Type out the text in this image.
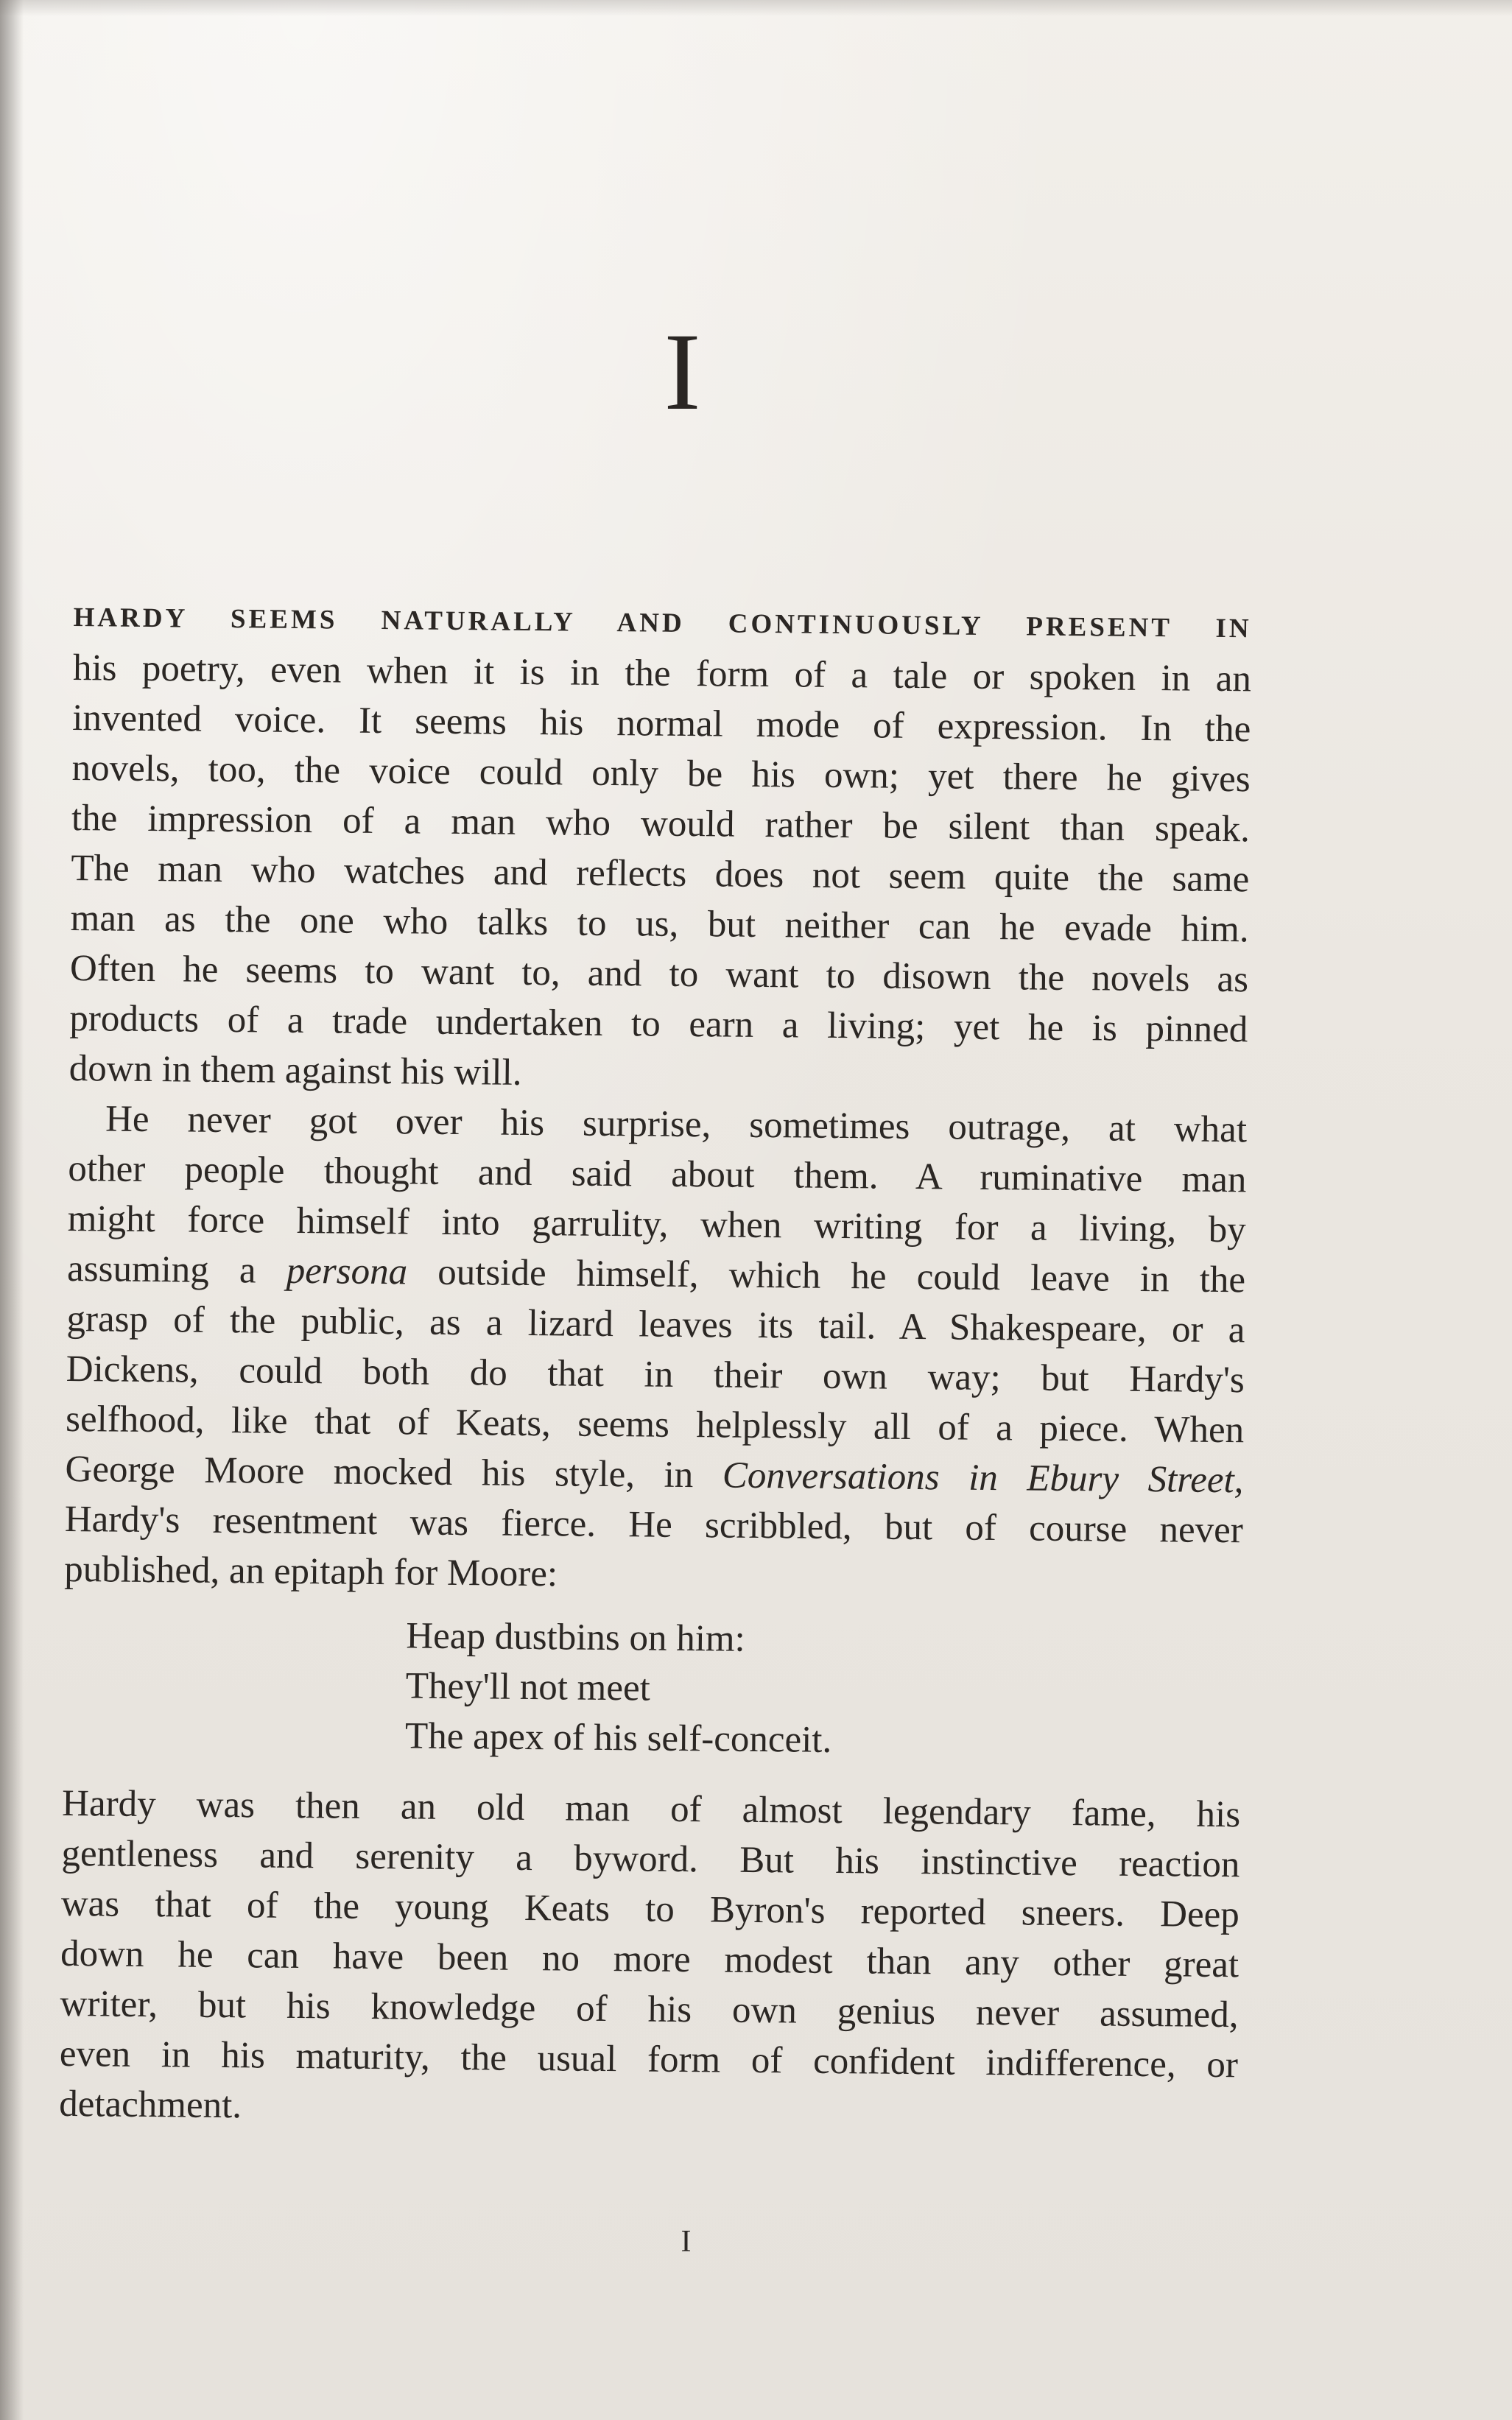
I

HARDY SEEMS NATURALLY AND CONTINUOUSLY PRESENT IN
his poetry, even when it is in the form of a tale or spoken in an
invented voice. It seems his normal mode of expression. In the
novels, too, the voice could only be his own; yet there he gives
the impression of a man who would rather be silent than speak.
The man who watches and reflects does not seem quite the same
man as the one who talks to us, but neither can he evade him.
Often he seems to want to, and to want to disown the novels as
products of a trade undertaken to earn a living; yet he is pinned
down in them against his will.

He never got over his surprise, sometimes outrage, at what
other people thought and said about them. A ruminative man
might force himself into garrulity, when writing for a living, by
assuming a persona outside himself, which he could leave in the
grasp of the public, as a lizard leaves its tail. A Shakespeare, or a
Dickens, could both do that in their own way; but Hardy's
selfhood, like that of Keats, seems helplessly all of a piece. When
George Moore mocked his style, in Conversations in Ebury Street,
Hardy's resentment was fierce. He scribbled, but of course never
published, an epitaph for Moore:

Heap dustbins on him:
They'll not meet
The apex of his self-conceit.

Hardy was then an old man of almost legendary fame, his
gentleness and serenity a byword. But his instinctive reaction
was that of the young Keats to Byron's reported sneers. Deep
down he can have been no more modest than any other great
writer, but his knowledge of his own genius never assumed,
even in his maturity, the usual form of confident indifference, or
detachment.

I
